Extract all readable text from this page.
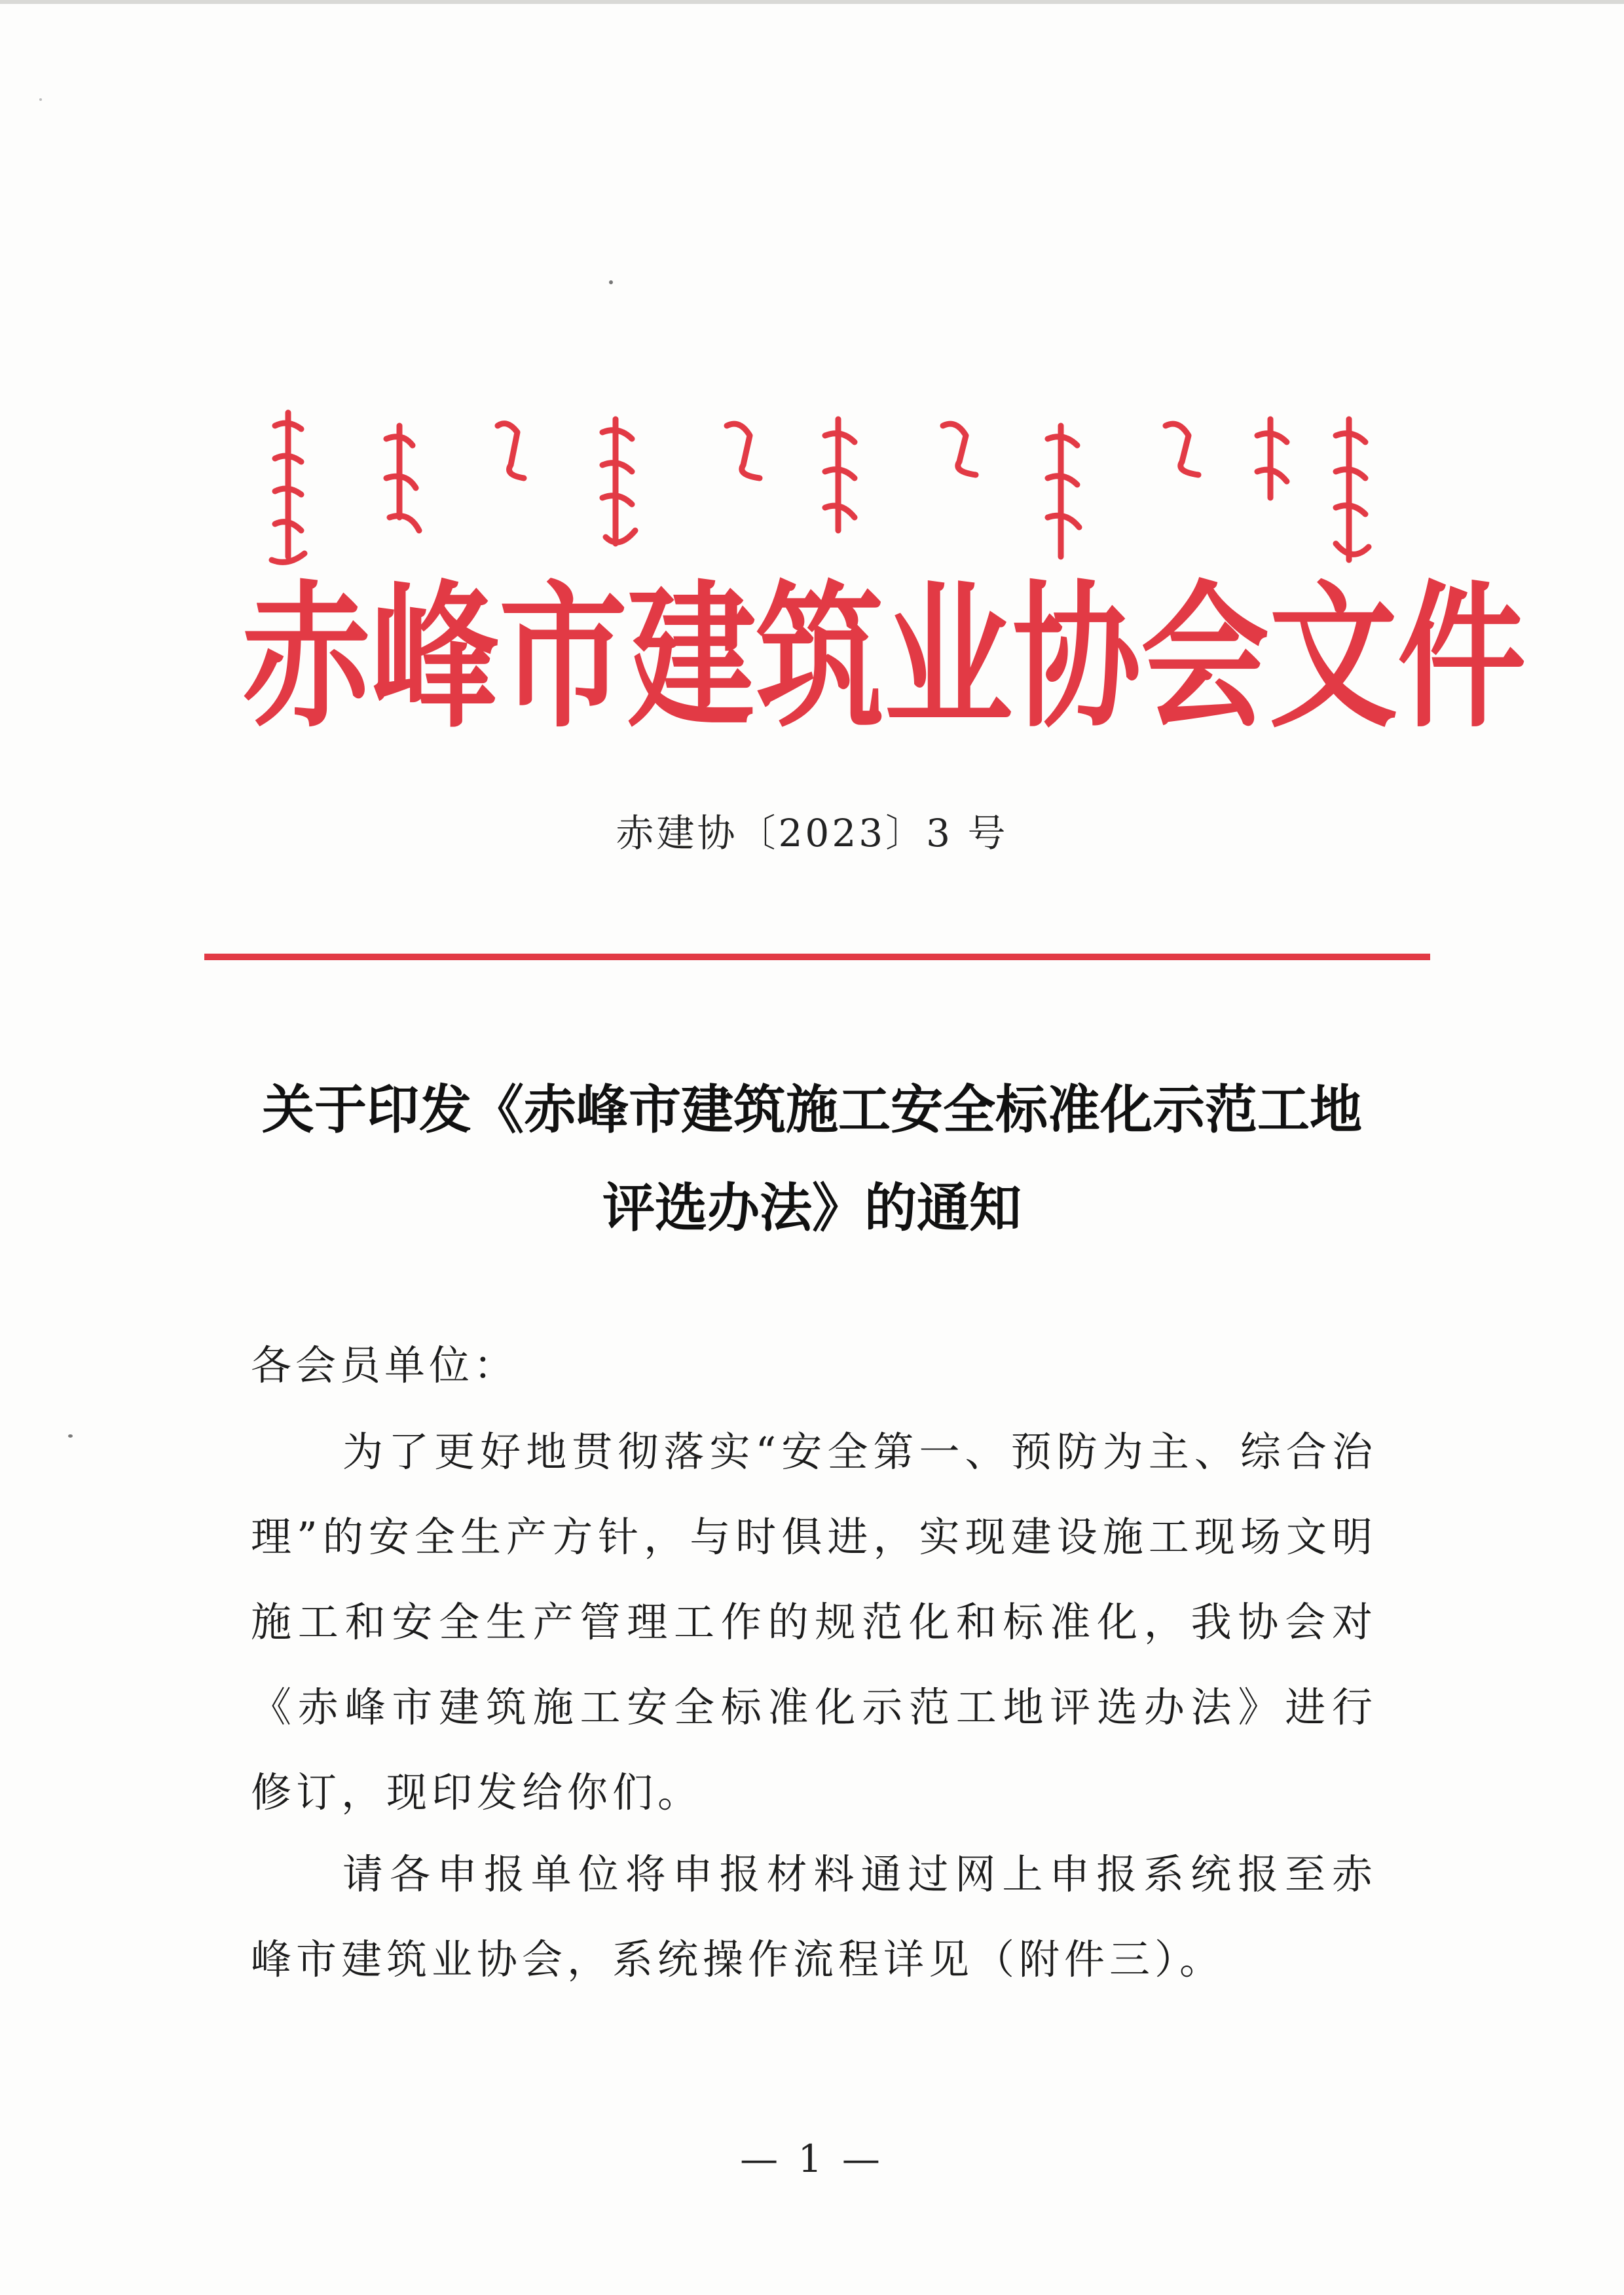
赤 峰 市 建 筑 业 协 会 文 件
赤建协〔2023〕3 号
关于印发《赤峰市建筑施工安全标准化示范工地
评选办法》的通知
各会员单位：
为了更好地贯彻落实“安全第一、预防为主、综合治理”的安全生产方针，与时俱进，实现建设施工现场文明施工和安全生产管理工作的规范化和标准化，我协会对《赤峰市建筑施工安全标准化示范工地评选办法》进行修订，现印发给你们。
请各申报单位将申报材料通过网上申报系统报至赤峰市建筑业协会，系统操作流程详见（附件三）。
— 1 —
